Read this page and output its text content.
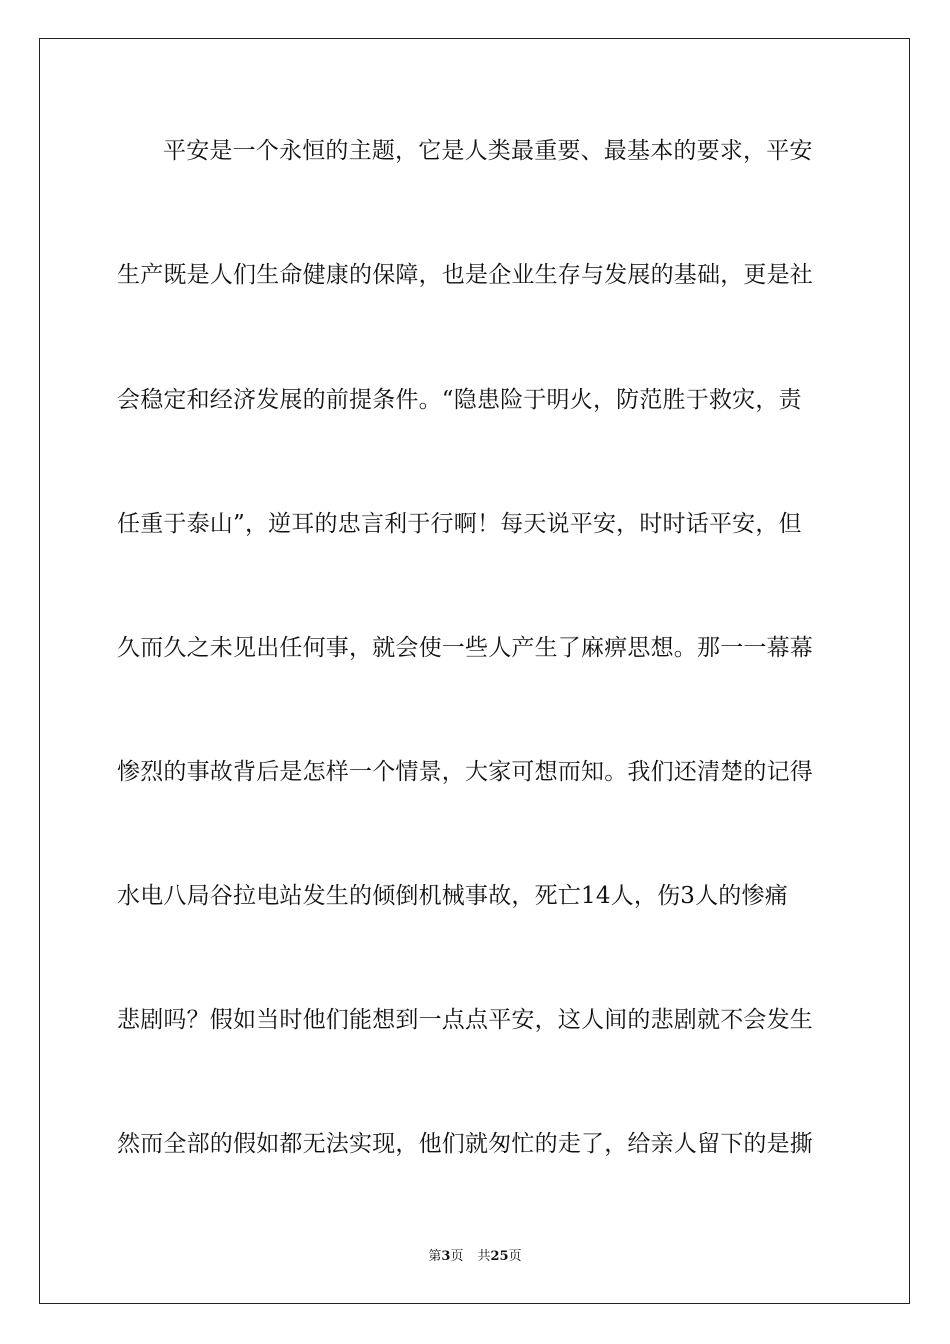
平安是一个永恒的主题，它是人类最重要、最基本的要求，平安
生产既是人们生命健康的保障，也是企业生存与发展的基础，更是社
会稳定和经济发展的前提条件。“隐患险于明火，防范胜于救灾，责
任重于泰山”，逆耳的忠言利于行啊！每天说平安，时时话平安，但
久而久之未见出任何事，就会使一些人产生了麻痹思想。那一一幕幕
惨烈的事故背后是怎样一个情景，大家可想而知。我们还清楚的记得
水电八局谷拉电站发生的倾倒机械事故，死亡14人，伤3人的惨痛
悲剧吗？假如当时他们能想到一点点平安，这人间的悲剧就不会发生
然而全部的假如都无法实现，他们就匆忙的走了，给亲人留下的是撕
第3页 共25页
